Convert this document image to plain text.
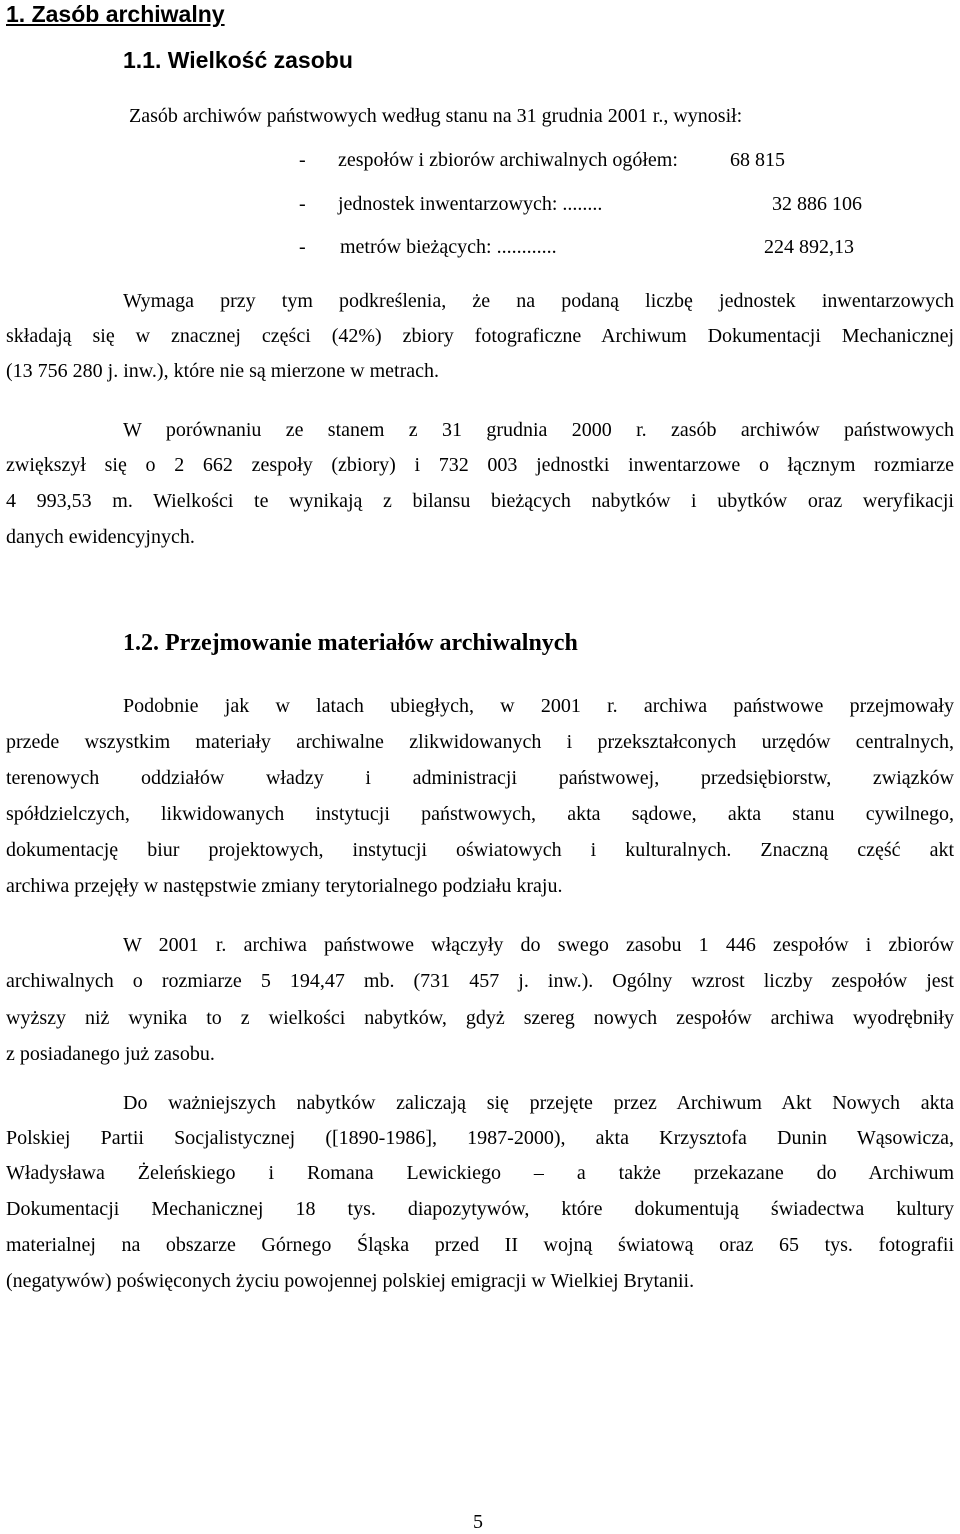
1. Zasób archiwalny
1.1. Wielkość zasobu
Zasób archiwów państwowych według stanu na 31 grudnia 2001 r., wynosił:
- zespołów i zbiorów archiwalnych ogółem:	68 815
- jednostek inwentarzowych: ........	32 886 106
- metrów bieżących: ............	224 892,13
Wymaga przy tym podkreślenia, że na podaną liczbę jednostek inwentarzowych
składają się w znacznej części (42%) zbiory fotograficzne Archiwum Dokumentacji Mechanicznej
(13 756 280 j. inw.), które nie są mierzone w metrach.
W porównaniu ze stanem z 31 grudnia 2000 r. zasób archiwów państwowych
zwiększył się o 2 662 zespoły (zbiory) i 732 003 jednostki inwentarzowe o łącznym rozmiarze
4 993,53 m. Wielkości te wynikają z bilansu bieżących nabytków i ubytków oraz weryfikacji
danych ewidencyjnych.
1.2. Przejmowanie materiałów archiwalnych
Podobnie jak w latach ubiegłych, w 2001 r. archiwa państwowe przejmowały
przede wszystkim materiały archiwalne zlikwidowanych i przekształconych urzędów centralnych,
terenowych oddziałów władzy i administracji państwowej, przedsiębiorstw, związków
spółdzielczych, likwidowanych instytucji państwowych, akta sądowe, akta stanu cywilnego,
dokumentację biur projektowych, instytucji oświatowych i kulturalnych. Znaczną część akt
archiwa przejęły w następstwie zmiany terytorialnego podziału kraju.
W 2001 r. archiwa państwowe włączyły do swego zasobu 1 446 zespołów i zbiorów
archiwalnych o rozmiarze 5 194,47 mb. (731 457 j. inw.). Ogólny wzrost liczby zespołów jest
wyższy niż wynika to z wielkości nabytków, gdyż szereg nowych zespołów archiwa wyodrębniły
z posiadanego już zasobu.
Do ważniejszych nabytków zaliczają się przejęte przez Archiwum Akt Nowych akta
Polskiej Partii Socjalistycznej ([1890-1986], 1987-2000), akta Krzysztofa Dunin Wąsowicza,
Władysława Żeleńskiego i Romana Lewickiego – a także przekazane do Archiwum
Dokumentacji Mechanicznej 18 tys. diapozytywów, które dokumentują świadectwa kultury
materialnej na obszarze Górnego Śląska przed II wojną światową oraz 65 tys. fotografii
(negatywów) poświęconych życiu powojennej polskiej emigracji w Wielkiej Brytanii.
5
